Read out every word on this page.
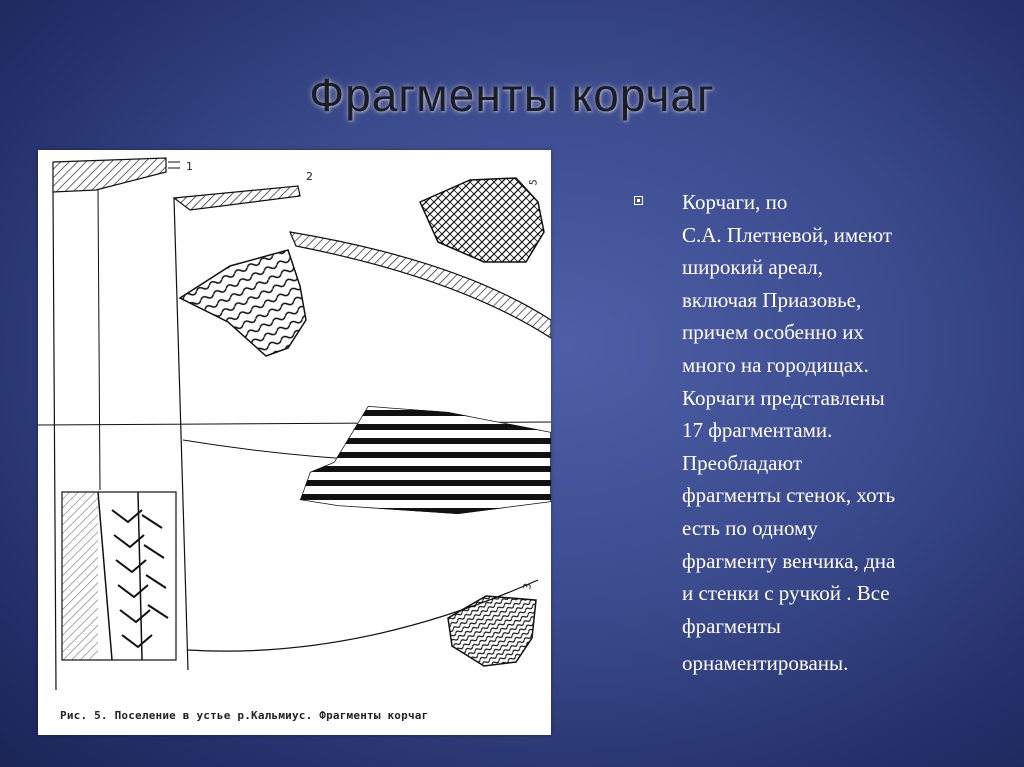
Фрагменты корчаг
1
2	5
3
Рис. 5. Поселение в устье р.Кальмиус. Фрагменты корчаг
Корчаги, по
С.А. Плетневой, имеют
широкий ареал,
включая Приазовье,
причем особенно их
много на городищах.
Корчаги представлены
17 фрагментами.
Преобладают
фрагменты стенок, хоть
есть по одному
фрагменту венчика, дна
и стенки с ручкой . Все
фрагменты
орнаментированы.
